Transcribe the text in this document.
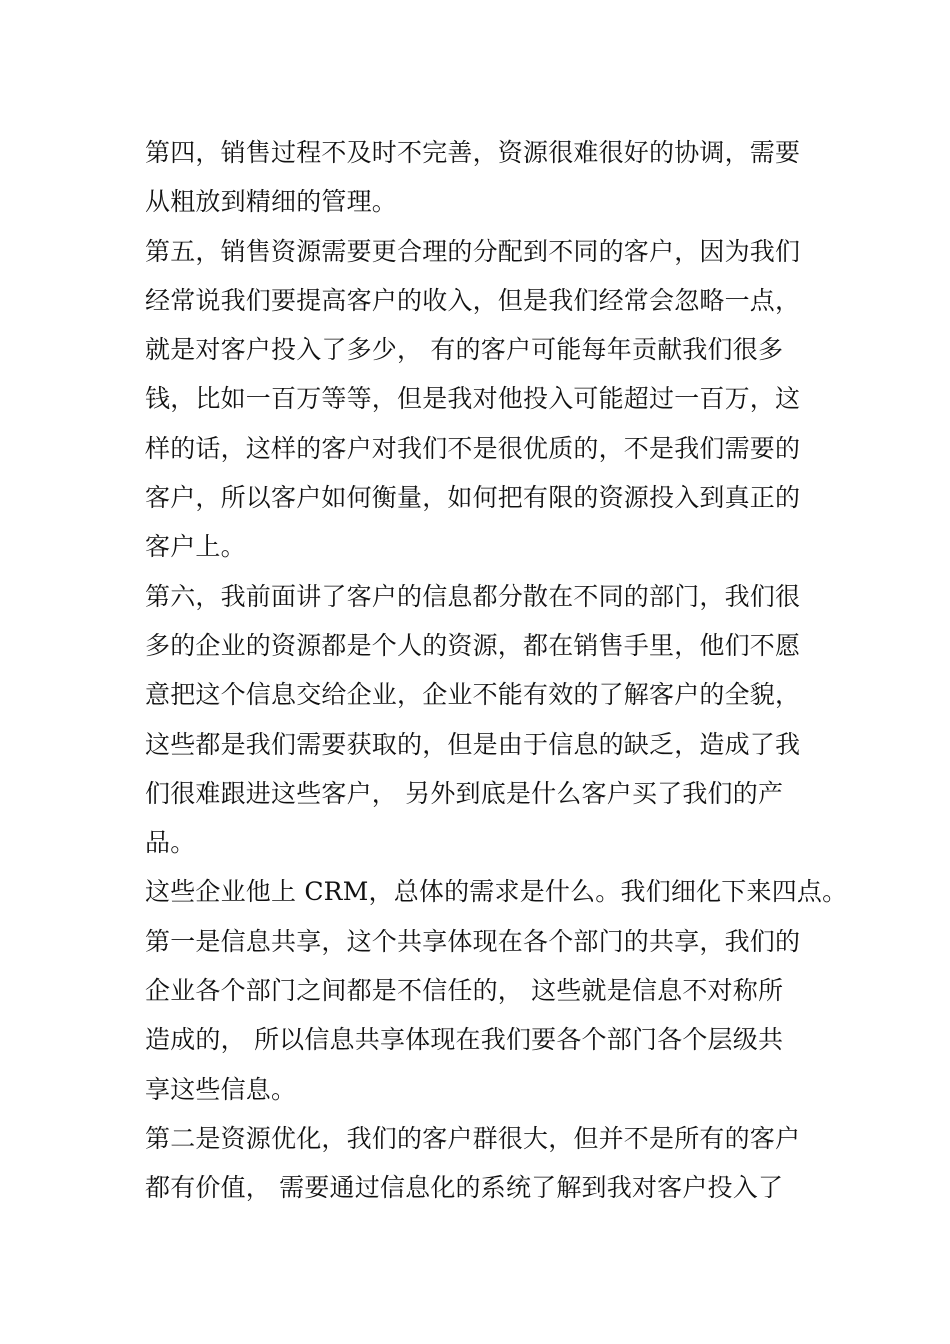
第四，销售过程不及时不完善，资源很难很好的协调，需要
从粗放到精细的管理。
第五，销售资源需要更合理的分配到不同的客户，因为我们
经常说我们要提高客户的收入，但是我们经常会忽略一点，
就是对客户投入了多少， 有的客户可能每年贡献我们很多
钱，比如一百万等等，但是我对他投入可能超过一百万，这
样的话，这样的客户对我们不是很优质的，不是我们需要的
客户，所以客户如何衡量，如何把有限的资源投入到真正的
客户上。
第六，我前面讲了客户的信息都分散在不同的部门，我们很
多的企业的资源都是个人的资源，都在销售手里，他们不愿
意把这个信息交给企业，企业不能有效的了解客户的全貌，
这些都是我们需要获取的，但是由于信息的缺乏，造成了我
们很难跟进这些客户， 另外到底是什么客户买了我们的产
品。
这些企业他上 CRM，总体的需求是什么。我们细化下来四点。
第一是信息共享，这个共享体现在各个部门的共享，我们的
企业各个部门之间都是不信任的， 这些就是信息不对称所
造成的， 所以信息共享体现在我们要各个部门各个层级共
享这些信息。
第二是资源优化，我们的客户群很大，但并不是所有的客户
都有价值， 需要通过信息化的系统了解到我对客户投入了
